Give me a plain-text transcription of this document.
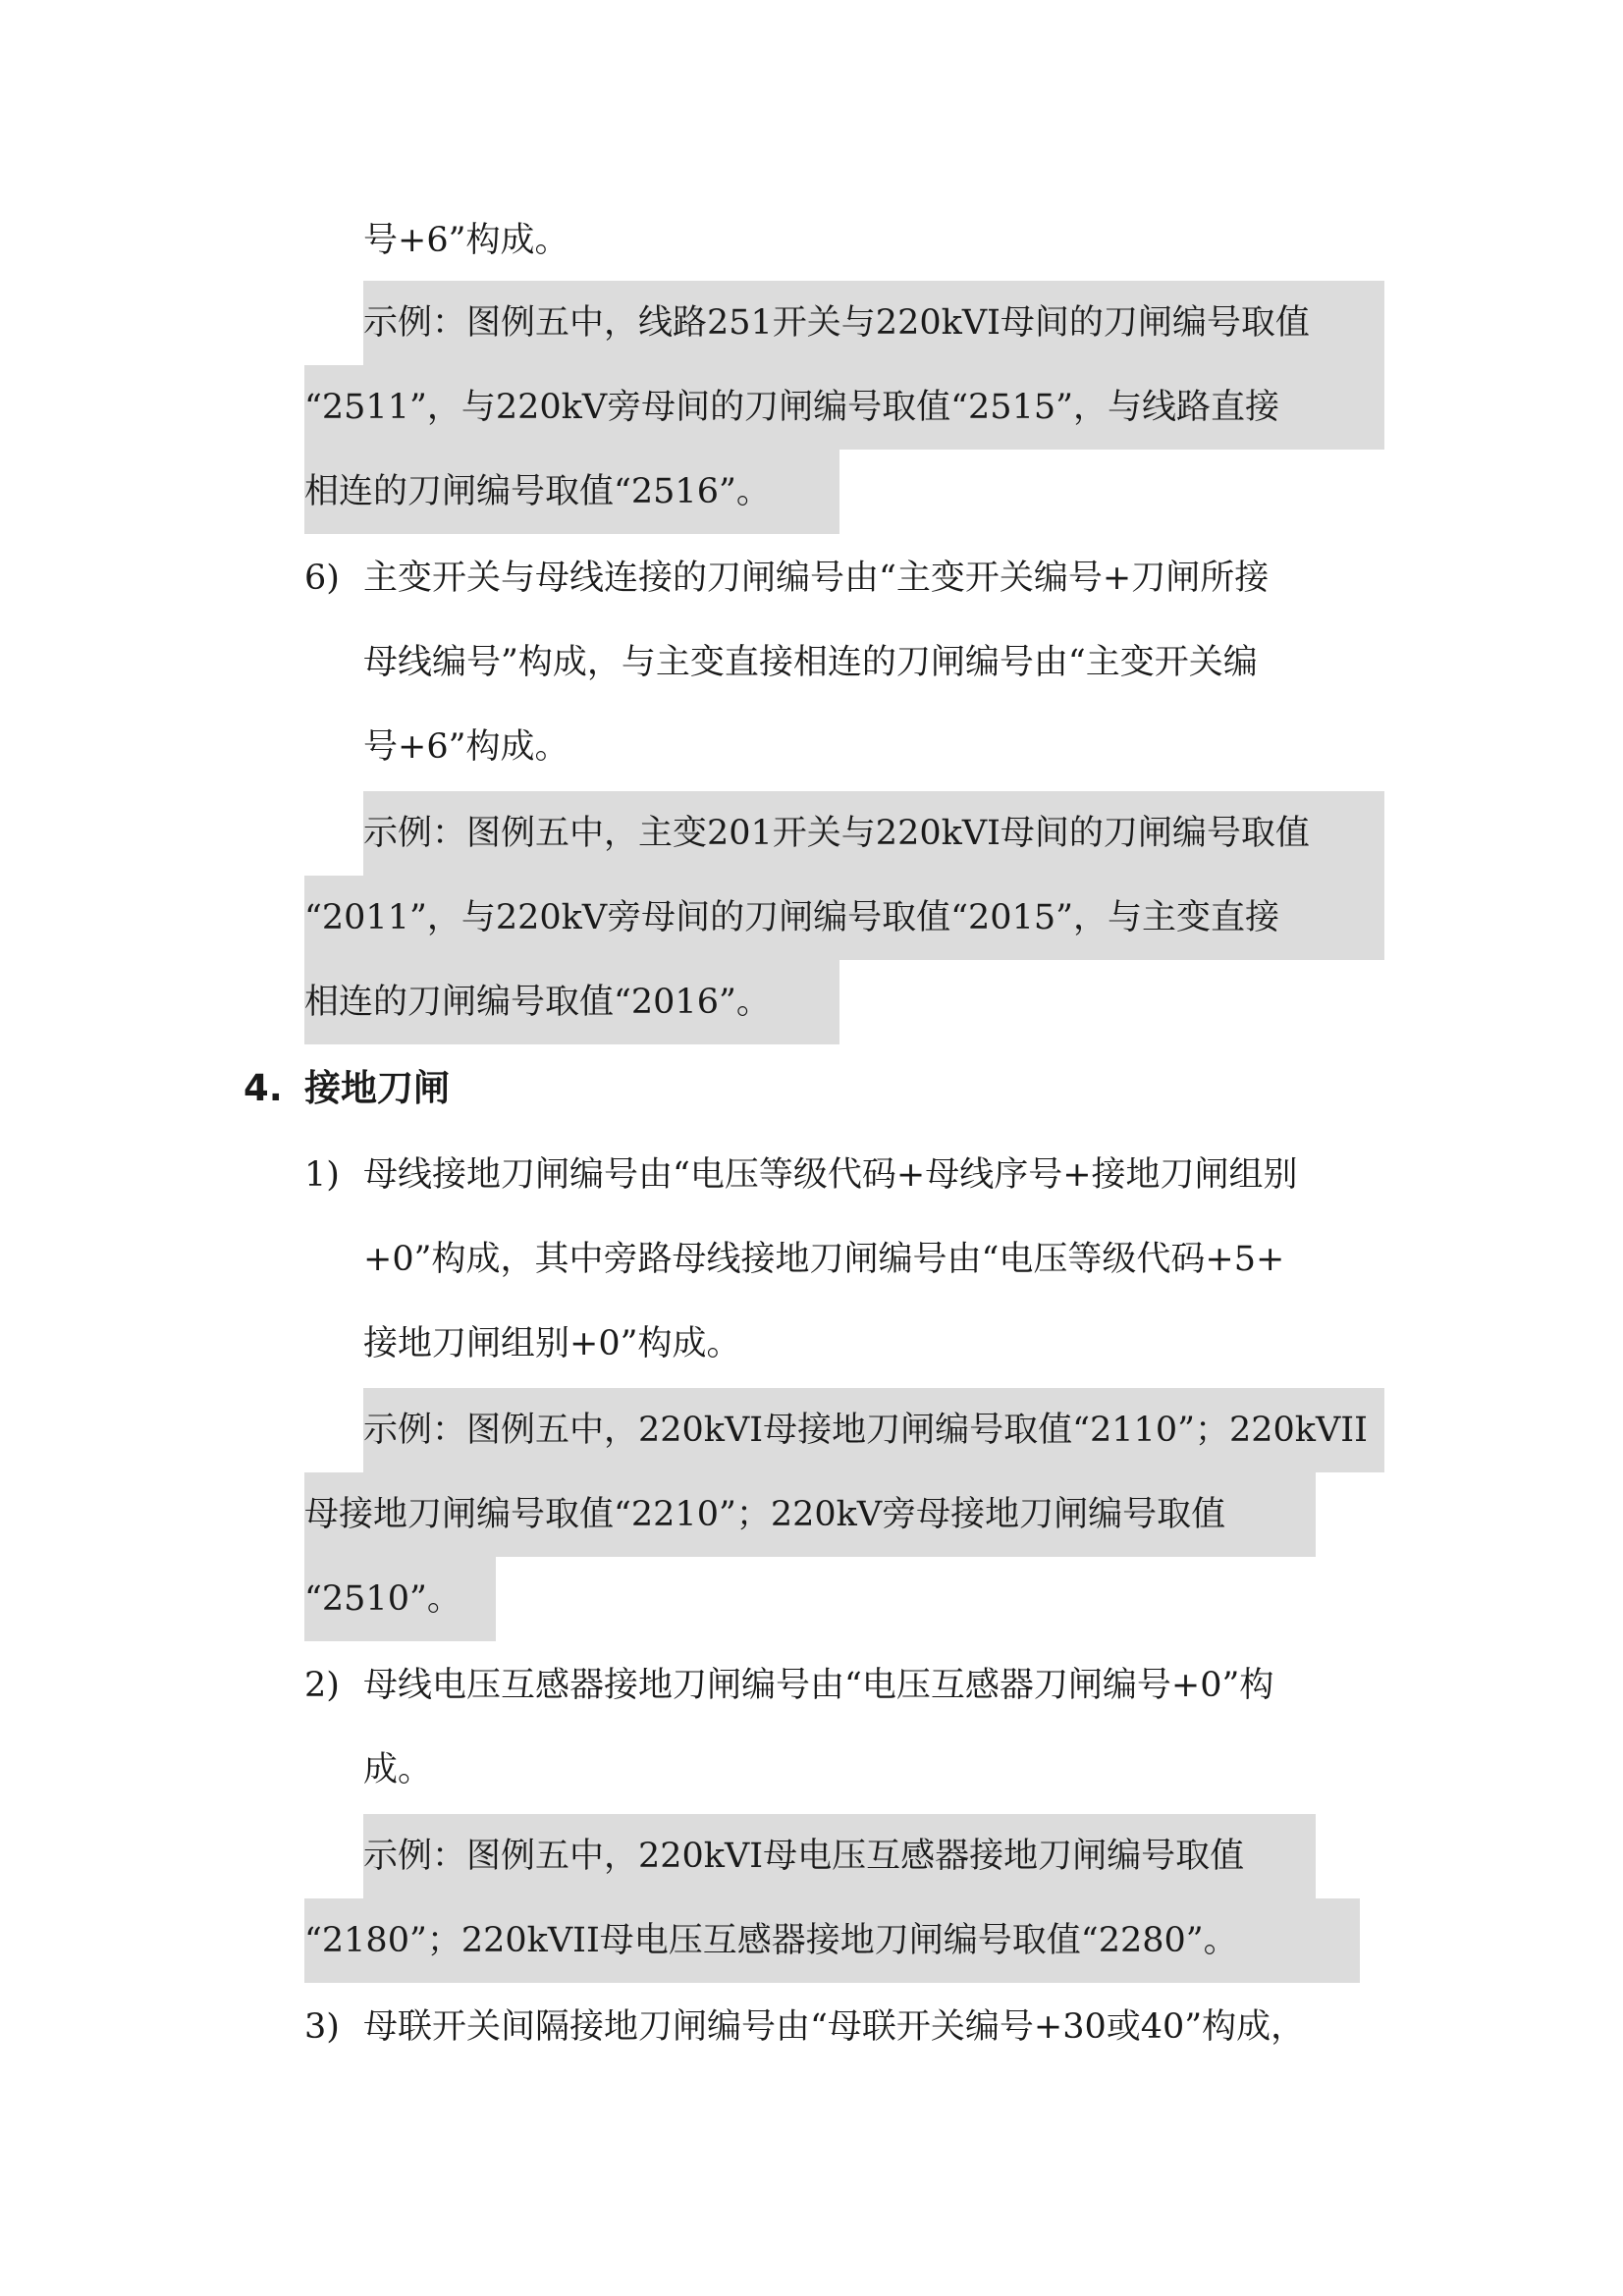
号+6”构成。

示例：图例五中，线路251开关与220kVI母间的刀闸编号取值

“2511”，与220kV旁母间的刀闸编号取值“2515”，与线路直接

相连的刀闸编号取值“2516”。

6) 主变开关与母线连接的刀闸编号由“主变开关编号+刀闸所接

母线编号”构成，与主变直接相连的刀闸编号由“主变开关编

号+6”构成。

示例：图例五中，主变201开关与220kVI母间的刀闸编号取值

“2011”，与220kV旁母间的刀闸编号取值“2015”，与主变直接

相连的刀闸编号取值“2016”。

4. 接地刀闸
1) 母线接地刀闸编号由“电压等级代码+母线序号+接地刀闸组别

+0”构成，其中旁路母线接地刀闸编号由“电压等级代码+5+

接地刀闸组别+0”构成。

示例：图例五中，220kVI母接地刀闸编号取值“2110”；220kVII

母接地刀闸编号取值“2210”；220kV旁母接地刀闸编号取值

“2510”。

2) 母线电压互感器接地刀闸编号由“电压互感器刀闸编号+0”构

成。

示例：图例五中，220kVI母电压互感器接地刀闸编号取值

“2180”；220kVII母电压互感器接地刀闸编号取值“2280”。

3) 母联开关间隔接地刀闸编号由“母联开关编号+30或40”构成，
